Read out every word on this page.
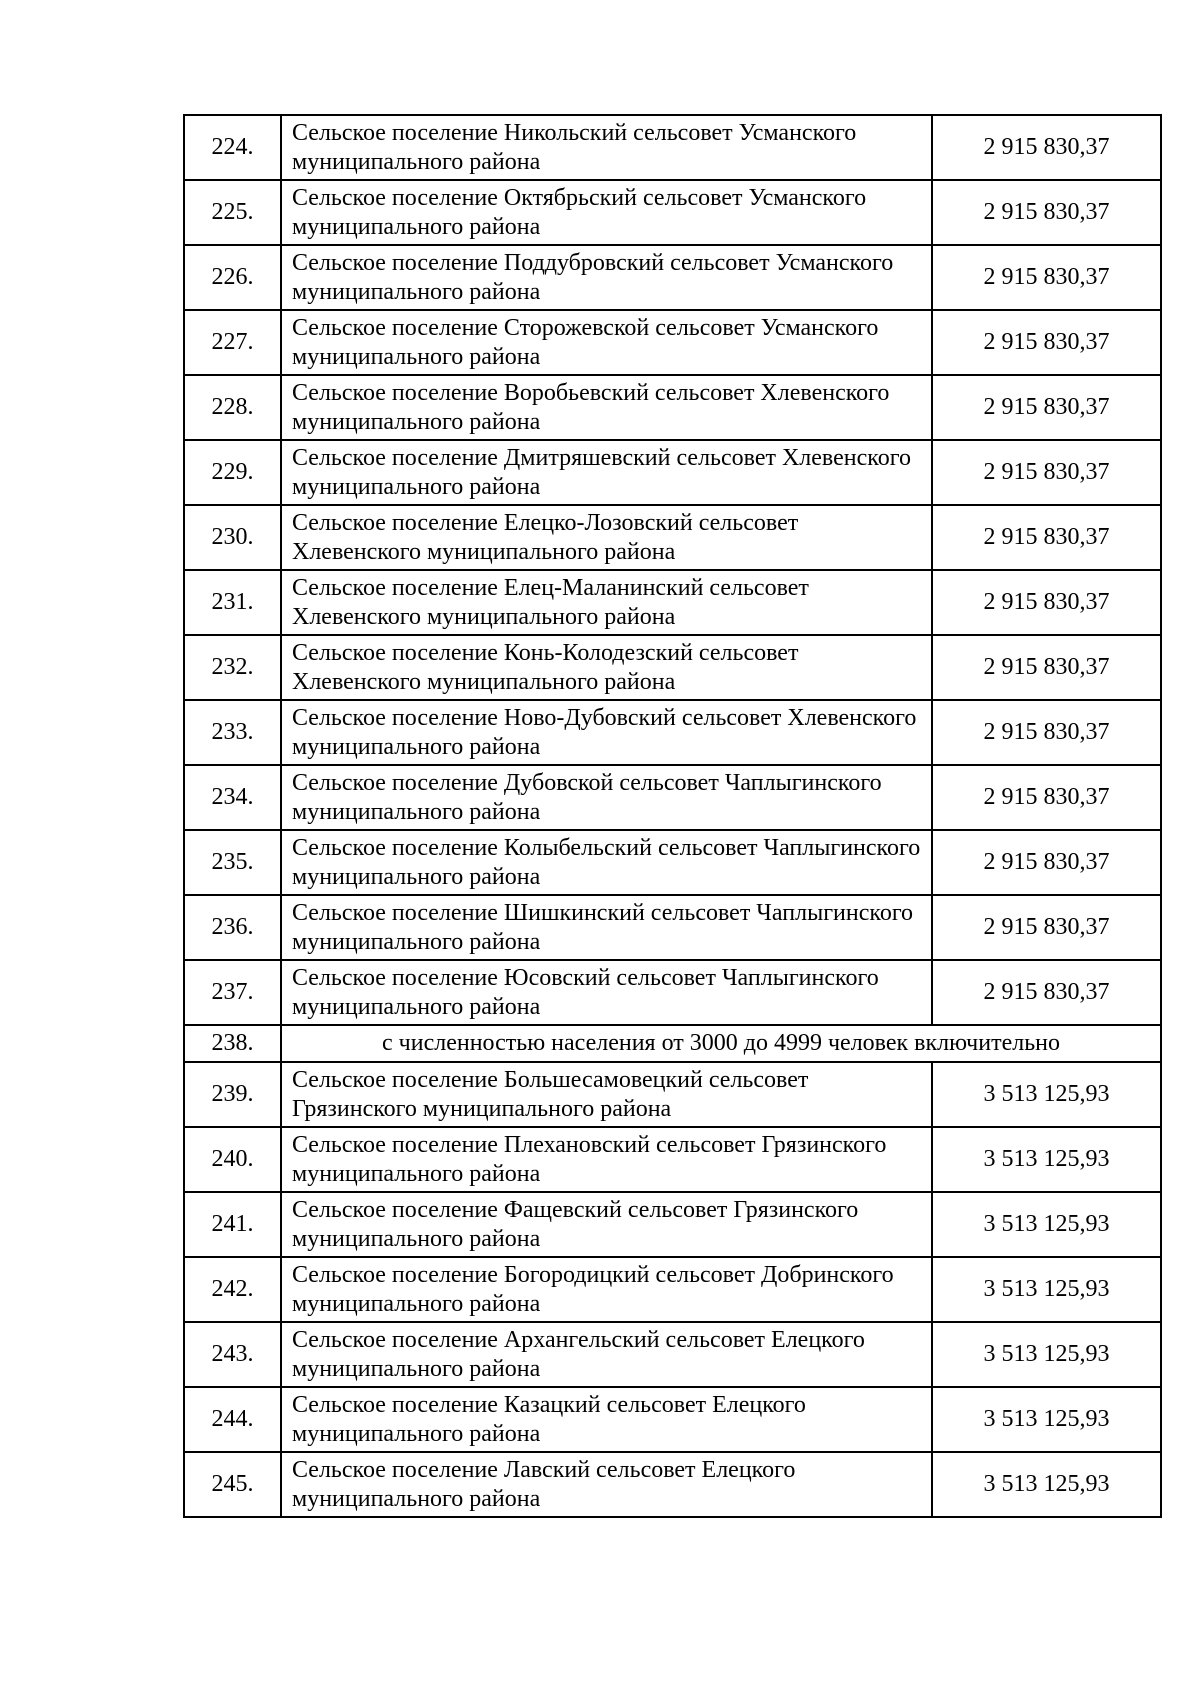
224.	Сельское поселение Никольский сельсовет Усманского муниципального района	2 915 830,37
225.	Сельское поселение Октябрьский сельсовет Усманского муниципального района	2 915 830,37
226.	Сельское поселение Поддубровский сельсовет Усманского муниципального района	2 915 830,37
227.	Сельское поселение Сторожевской сельсовет Усманского муниципального района	2 915 830,37
228.	Сельское поселение Воробьевский сельсовет Хлевенского муниципального района	2 915 830,37
229.	Сельское поселение Дмитряшевский сельсовет Хлевенского муниципального района	2 915 830,37
230.	Сельское поселение Елецко-Лозовский сельсовет Хлевенского муниципального района	2 915 830,37
231.	Сельское поселение Елец-Маланинский сельсовет Хлевенского муниципального района	2 915 830,37
232.	Сельское поселение Конь-Колодезский сельсовет Хлевенского муниципального района	2 915 830,37
233.	Сельское поселение Ново-Дубовский сельсовет Хлевенского муниципального района	2 915 830,37
234.	Сельское поселение Дубовской сельсовет Чаплыгинского муниципального района	2 915 830,37
235.	Сельское поселение Колыбельский сельсовет Чаплыгинского муниципального района	2 915 830,37
236.	Сельское поселение Шишкинский сельсовет Чаплыгинского муниципального района	2 915 830,37
237.	Сельское поселение Юсовский сельсовет Чаплыгинского муниципального района	2 915 830,37
238.	с численностью населения от 3000 до 4999 человек включительно	
239.	Сельское поселение Большесамовецкий сельсовет Грязинского муниципального района	3 513 125,93
240.	Сельское поселение Плехановский сельсовет Грязинского муниципального района	3 513 125,93
241.	Сельское поселение Фащевский сельсовет Грязинского муниципального района	3 513 125,93
242.	Сельское поселение Богородицкий сельсовет Добринского муниципального района	3 513 125,93
243.	Сельское поселение Архангельский сельсовет Елецкого муниципального района	3 513 125,93
244.	Сельское поселение Казацкий сельсовет Елецкого муниципального района	3 513 125,93
245.	Сельское поселение Лавский сельсовет Елецкого муниципального района	3 513 125,93
